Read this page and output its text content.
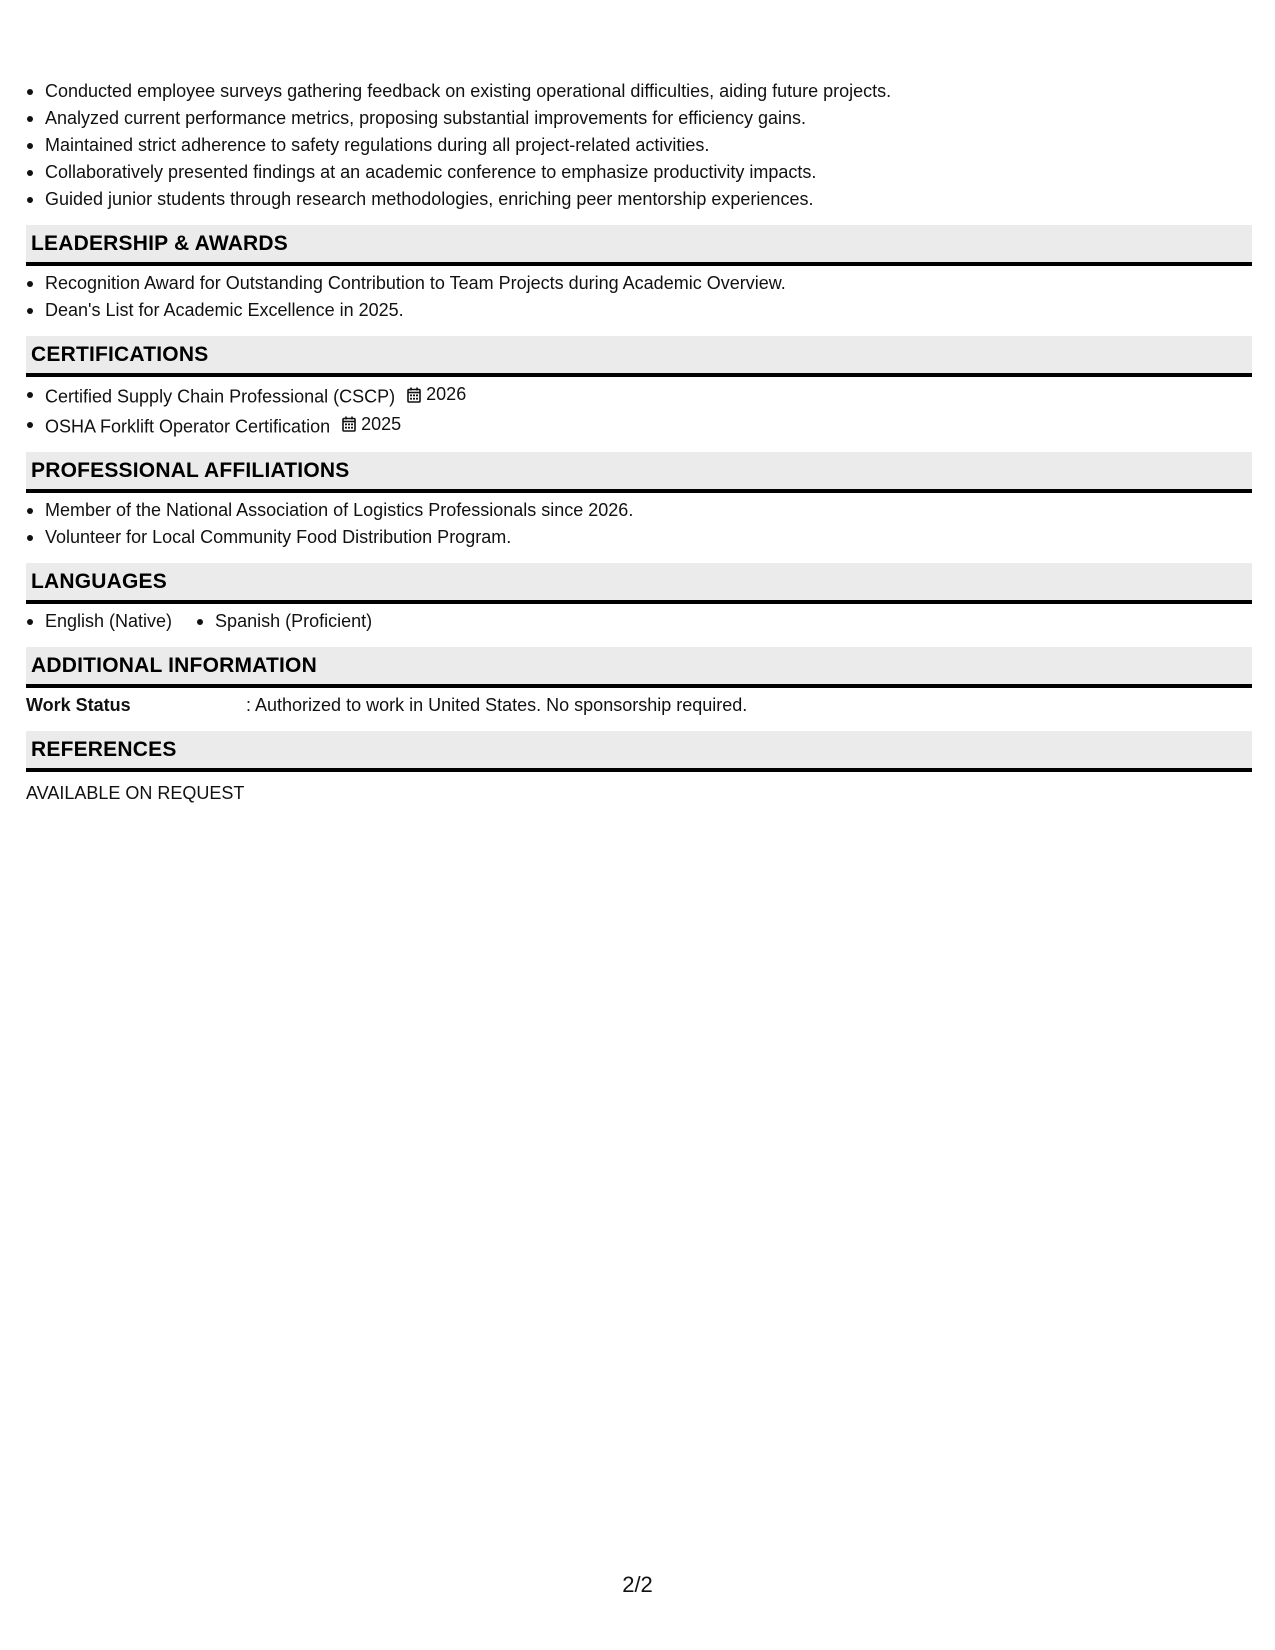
Conducted employee surveys gathering feedback on existing operational difficulties, aiding future projects.
Analyzed current performance metrics, proposing substantial improvements for efficiency gains.
Maintained strict adherence to safety regulations during all project-related activities.
Collaboratively presented findings at an academic conference to emphasize productivity impacts.
Guided junior students through research methodologies, enriching peer mentorship experiences.
LEADERSHIP & AWARDS
Recognition Award for Outstanding Contribution to Team Projects during Academic Overview.
Dean's List for Academic Excellence in 2025.
CERTIFICATIONS
Certified Supply Chain Professional (CSCP) 2026
OSHA Forklift Operator Certification 2025
PROFESSIONAL AFFILIATIONS
Member of the National Association of Logistics Professionals since 2026.
Volunteer for Local Community Food Distribution Program.
LANGUAGES
English (Native)	Spanish (Proficient)
ADDITIONAL INFORMATION
Work Status	: Authorized to work in United States. No sponsorship required.
REFERENCES
AVAILABLE ON REQUEST
2/2
